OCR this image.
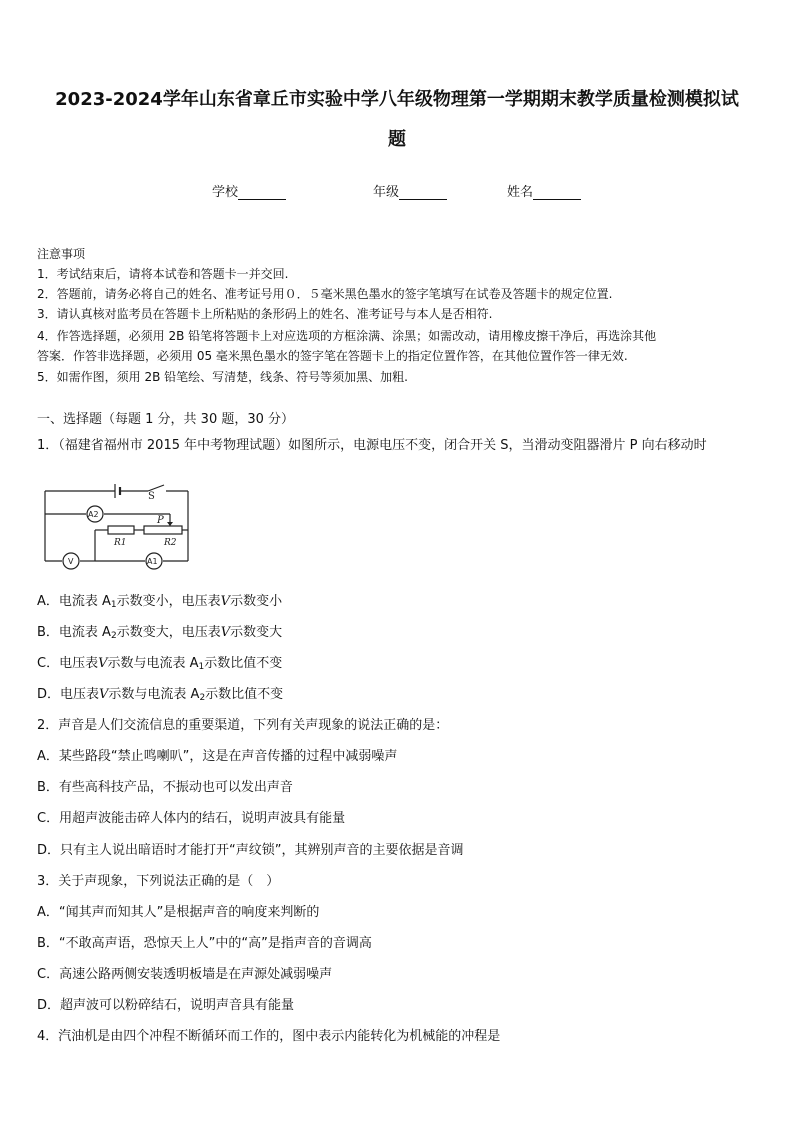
2023-2024学年山东省章丘市实验中学八年级物理第一学期期末教学质量检测模拟试
题
学校	年级	姓名
注意事项
1．考试结束后，请将本试卷和答题卡一并交回.
2．答题前，请务必将自己的姓名、准考证号用０．５毫米黑色墨水的签字笔填写在试卷及答题卡的规定位置.
3．请认真核对监考员在答题卡上所粘贴的条形码上的姓名、准考证号与本人是否相符.
4．作答选择题，必须用 2B 铅笔将答题卡上对应选项的方框涂满、涂黑；如需改动，请用橡皮擦干净后，再选涂其他
答案．作答非选择题，必须用 05 毫米黑色墨水的签字笔在答题卡上的指定位置作答，在其他位置作答一律无效.
5．如需作图，须用 2B 铅笔绘、写清楚，线条、符号等须加黑、加粗.
一、选择题（每题 1 分，共 30 题，30 分）
1．（福建省福州市 2015 年中考物理试题）如图所示，电源电压不变，闭合开关 S，当滑动变阻器滑片 P 向右移动时
S
P
R1	R2
A2
A1
V
A．电流表 $A_1$示数变小，电压表V示数变小
B．电流表 $A_2$示数变大，电压表V示数变大
C．电压表V示数与电流表 $A_1$示数比值不变
D．电压表V示数与电流表 $A_2$示数比值不变
2．声音是人们交流信息的重要渠道，下列有关声现象的说法正确的是：
A．某些路段“禁止鸣喇叭”，这是在声音传播的过程中减弱噪声
B．有些高科技产品，不振动也可以发出声音
C．用超声波能击碎人体内的结石，说明声波具有能量
D．只有主人说出暗语时才能打开“声纹锁”，其辨别声音的主要依据是音调
3．关于声现象，下列说法正确的是（　）
A．“闻其声而知其人”是根据声音的响度来判断的
B．“不敢高声语，恐惊天上人”中的“高”是指声音的音调高
C．高速公路两侧安装透明板墙是在声源处减弱噪声
D．超声波可以粉碎结石，说明声音具有能量
4．汽油机是由四个冲程不断循环而工作的，图中表示内能转化为机械能的冲程是
